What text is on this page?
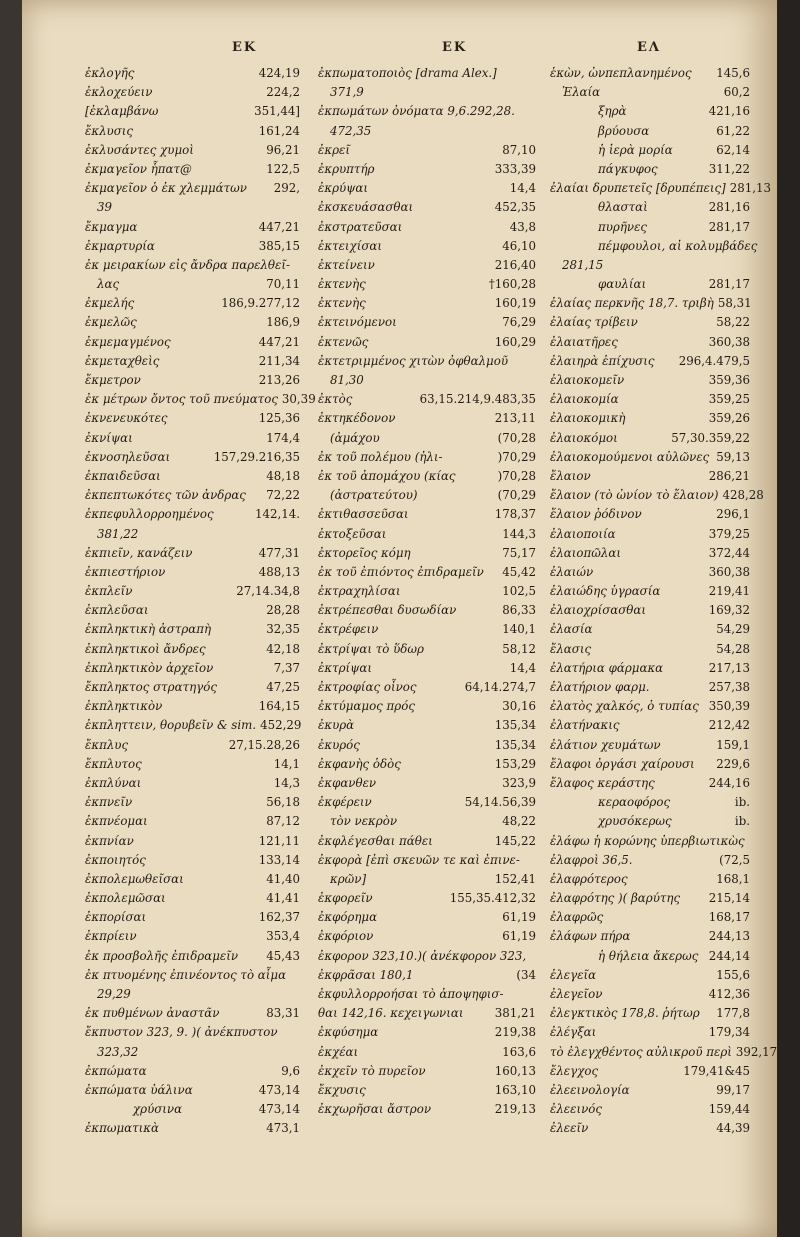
EK	EK	EΛ
ἐκλογῆς	424,19
ἐκλοχεύειν	224,2
[ἐκλαμβάνω	351,44]
ἔκλυσις	161,24
ἐκλυσάντες χυμοὶ	96,21
ἐκμαγεῖον ἧπατ@	122,5
ἐκμαγεῖον ὁ ἐκ χλεμμάτων	292,
39
ἔκμαγμα	447,21
ἐκμαρτυρία	385,15
ἐκ μειρακίων εἰς ἄνδρα παρελθεῖ-
λας	70,11
ἐκμελής	186,9.277,12
ἐκμελῶς	186,9
ἐκμεμαγμένος	447,21
ἐκμεταχθεὶς	211,34
ἔκμετρον	213,26
ἐκ μέτρων ὄντος τοῦ πνεύματος 30,39
ἐκνενευκότες	125,36
ἐκνίψαι	174,4
ἐκνοσηλεῦσαι	157,29.216,35
ἐκπαιδεῦσαι	48,18
ἐκπεπτωκότες τῶν ἀνδρας	72,22
ἐκπεφυλλορροημένος	142,14.
381,22
ἐκπιεῖν, κανάζειν	477,31
ἐκπιεστήριον	488,13
ἐκπλεῖν	27,14.34,8
ἐκπλεῦσαι	28,28
ἐκπληκτικὴ ἀστραπὴ	32,35
ἐκπληκτικοὶ ἄνδρες	42,18
ἐκπληκτικὸν ἀρχεῖον	7,37
ἔκπληκτος στρατηγός	47,25
ἐκπληκτικὸν	164,15
ἐκπληττειν, θορυβεῖν & sim. 452,29
ἔκπλυς	27,15.28,26
ἔκπλυτος	14,1
ἐκπλύναι	14,3
ἐκπνεῖν	56,18
ἐκπνέομαι	87,12
ἐκπνίαν	121,11
ἐκποιητός	133,14
ἐκπολεμωθεῖσαι	41,40
ἐκπολεμῶσαι	41,41
ἐκπορίσαι	162,37
ἐκπρίειν	353,4
ἐκ προσβολῆς ἐπιδραμεῖν	45,43
ἐκ πτυομένης ἐπινέοντος τὸ αἷμα
29,29
ἐκ πυθμένων ἀναστᾶν	83,31
ἔκπυστον 323, 9. )( ἀνέκπυστον
323,32
ἐκπώματα	9,6
ἐκπώματα ὑάλινα	473,14
χρύσινα	473,14
ἐκπωματικὰ	473,1
ἐκπωματοποιὸς [drama Alex.]
371,9
ἐκπωμάτων ὀνόματα 9,6.292,28.
472,35
ἐκρεῖ	87,10
ἐκρυπτήρ	333,39
ἐκρύψαι	14,4
ἐκσκευάσασθαι	452,35
ἐκστρατεῦσαι	43,8
ἐκτειχίσαι	46,10
ἐκτείνειν	216,40
ἐκτενὴς	†160,28
ἐκτενὴς	160,19
ἐκτεινόμενοι	76,29
ἐκτενῶς	160,29
ἐκτετριμμένος χιτὼν ὀφθαλμοῦ
81,30
ἐκτὸς	63,15.214,9.483,35
ἐκτηκέδονον	213,11
(ἀμάχου	(70,28
ἐκ τοῦ πολέμου (ἠλι-	)70,29
ἐκ τοῦ ἀπομάχου (κίας	)70,28
(ἀστρατεύτου)	(70,29
ἐκτιθασσεῦσαι	178,37
ἐκτοξεῦσαι	144,3
ἐκτορεῖος κόμη	75,17
ἐκ τοῦ ἐπιόντος ἐπιδραμεῖν	45,42
ἐκτραχηλίσαι	102,5
ἐκτρέπεσθαι δυσωδίαν	86,33
ἐκτρέφειν	140,1
ἐκτρίψαι τὸ ὕδωρ	58,12
ἐκτρίψαι	14,4
ἐκτροφίας οἶνος	64,14.274,7
ἐκτύμαμος πρός	30,16
ἐκυρὰ	135,34
ἐκυρός	135,34
ἐκφανὴς ὁδὸς	153,29
ἐκφανθεν	323,9
ἐκφέρειν	54,14.56,39
τὸν νεκρὸν	48,22
ἐκφλέγεσθαι πάθει	145,22
ἐκφορὰ [ἐπὶ σκευῶν τε καὶ ἐπινε-
κρῶν]	152,41
ἐκφορεῖν	155,35.412,32
ἐκφόρημα	61,19
ἐκφόριον	61,19
ἐκφορον 323,10.)( ἀνέκφορον 323,
ἐκφρᾶσαι 180,1	(34
ἐκφυλλορροήσαι τὸ ἀποψηφισ-
θαι 142,16. κεχειγωνιαι	381,21
ἐκφύσημα	219,38
ἐκχέαι	163,6
ἐκχεῖν τὸ πυρεῖον	160,13
ἔκχυσις	163,10
ἐκχωρῆσαι ἄστρον	219,13
ἑκὼν, ὠνπεπλανημένος	145,6
Ἐλαία	60,2
ξηρὰ	421,16
βρύουσα	61,22
ἡ ἱερὰ μορία	62,14
πάγκυφος	311,22
ἐλαίαι δρυπετεῖς [δρυπέπεις] 281,13
θλασταὶ	281,16
πυρῆνες	281,17
πέμφουλοι, αἱ κολυμβάδες
281,15
φαυλίαι	281,17
ἐλαίας περκνῆς 18,7. τριβὴ 58,31
ἐλαίας τρίβειν	58,22
ἐλαιατῆρες	360,38
ἐλαιηρὰ ἐπίχυσις	296,4.479,5
ἐλαιοκομεῖν	359,36
ἐλαιοκομία	359,25
ἐλαιοκομικὴ	359,26
ἐλαιοκόμοι	57,30.359,22
ἐλαιοκομούμενοι αὐλῶνες 59,13
ἔλαιον	286,21
ἔλαιον (τὸ ὠνίον τὸ ἔλαιον) 428,28
ἔλαιον ῥόδινον	296,1
ἐλαιοποιία	379,25
ἐλαιοπῶλαι	372,44
ἐλαιών	360,38
ἐλαιώδης ὑγρασία	219,41
ἐλαιοχρίσασθαι	169,32
ἐλασία	54,29
ἔλασις	54,28
ἐλατήρια φάρμακα	217,13
ἐλατήριον φαρμ.	257,38
ἐλατὸς χαλκός, ὁ τυπίας 350,39
ἐλατήνακις	212,42
ἐλάτιον χευμάτων	159,1
ἔλαφοι ὀργάσι χαίρουσι	229,6
ἔλαφος κεράστης	244,16
κεραοφόρος	ib.
χρυσόκερως	ib.
ἐλάφω ἡ κορώνης ὑπερβιωτικὼς
ἐλαφροὶ 36,5.	(72,5
ἐλαφρότερος	168,1
ἐλαφρότης )( βαρύτης	215,14
ἐλαφρῶς	168,17
ἐλάφων πήρα	244,13
ἡ θήλεια ἄκερως 244,14
ἐλεγεῖα	155,6
ἐλεγεῖον	412,36
ἐλεγκτικὸς 178,8. ῥήτωρ	177,8
ἐλέγξαι	179,34
τὸ ἐλεγχθέντος αὐλικροῦ περὶ 392,17
ἔλεγχος	179,41&45
ἐλεεινολογία	99,17
ἐλεεινός	159,44
ἐλεεῖν	44,39
